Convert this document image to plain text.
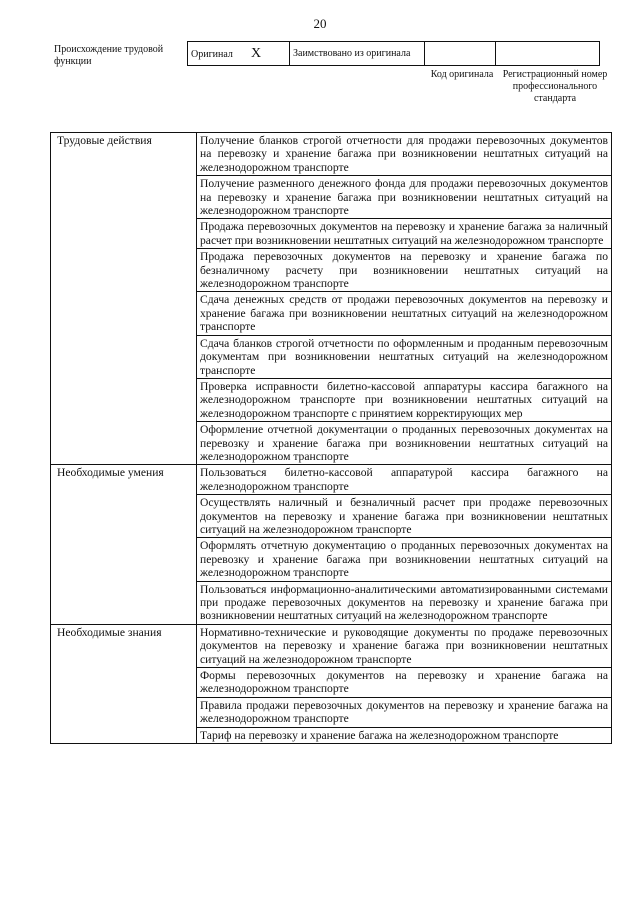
20
Происхождение трудовой функции
Оригинал X	Заимствовано из оригинала		
Код оригинала Регистрационный номер профессионального стандарта
Трудовые действия	Получение бланков строгой отчетности для продажи перевозочных документов на перевозку и хранение багажа при возникновении нештатных ситуаций на железнодорожном транспорте
	Получение разменного денежного фонда для продажи перевозочных документов на перевозку и хранение багажа при возникновении нештатных ситуаций на железнодорожном транспорте
	Продажа перевозочных документов на перевозку и хранение багажа за наличный расчет при возникновении нештатных ситуаций на железнодорожном транспорте
	Продажа перевозочных документов на перевозку и хранение багажа по безналичному расчету при возникновении нештатных ситуаций на железнодорожном транспорте
	Сдача денежных средств от продажи перевозочных документов на перевозку и хранение багажа при возникновении нештатных ситуаций на железнодорожном транспорте
	Сдача бланков строгой отчетности по оформленным и проданным перевозочным документам при возникновении нештатных ситуаций на железнодорожном транспорте
	Проверка исправности билетно-кассовой аппаратуры кассира багажного на железнодорожном транспорте при возникновении нештатных ситуаций на железнодорожном транспорте с принятием корректирующих мер
	Оформление отчетной документации о проданных перевозочных документах на перевозку и хранение багажа при возникновении нештатных ситуаций на железнодорожном транспорте
Необходимые умения	Пользоваться билетно-кассовой аппаратурой кассира багажного на железнодорожном транспорте
	Осуществлять наличный и безналичный расчет при продаже перевозочных документов на перевозку и хранение багажа при возникновении нештатных ситуаций на железнодорожном транспорте
	Оформлять отчетную документацию о проданных перевозочных документах на перевозку и хранение багажа при возникновении нештатных ситуаций на железнодорожном транспорте
	Пользоваться информационно-аналитическими автоматизированными системами при продаже перевозочных документов на перевозку и хранение багажа при возникновении нештатных ситуаций на железнодорожном транспорте
Необходимые знания	Нормативно-технические и руководящие документы по продаже перевозочных документов на перевозку и хранение багажа при возникновении нештатных ситуаций на железнодорожном транспорте
	Формы перевозочных документов на перевозку и хранение багажа на железнодорожном транспорте
	Правила продажи перевозочных документов на перевозку и хранение багажа на железнодорожном транспорте
	Тариф на перевозку и хранение багажа на железнодорожном транспорте
